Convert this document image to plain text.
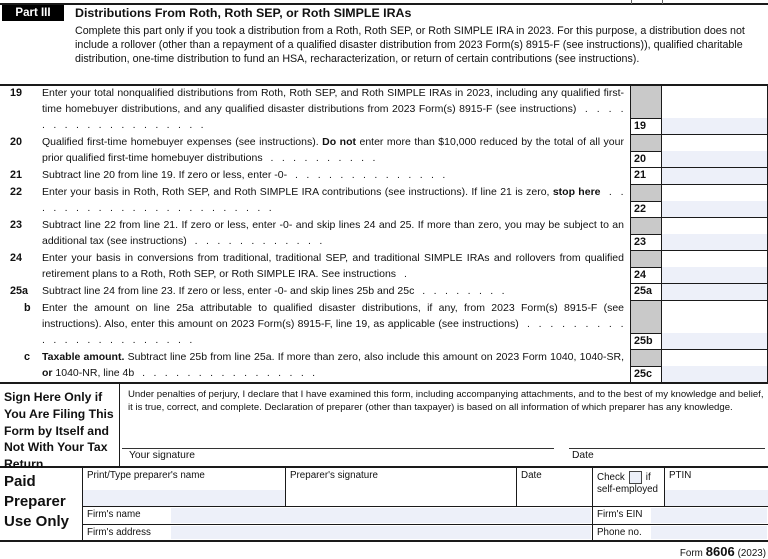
Part III	Distributions From Roth, Roth SEP, or Roth SIMPLE IRAs
Complete this part only if you took a distribution from a Roth, Roth SEP, or Roth SIMPLE IRA in 2023. For this purpose, a distribution does not include a rollover (other than a repayment of a qualified disaster distribution from 2023 Form(s) 8915-F (see instructions)), qualified charitable distribution, one-time distribution to fund an HSA, recharacterization, or return of certain contributions (see instructions).
19	Enter your total nonqualified distributions from Roth, Roth SEP, and Roth SIMPLE IRAs in 2023, including any qualified first-time homebuyer distributions, and any qualified disaster distributions from 2023 Form(s) 8915-F (see instructions) . . . . . . . . . . . . . . . . . . .	19
20	Qualified first-time homebuyer expenses (see instructions). Do not enter more than $10,000 reduced by the total of all your prior qualified first-time homebuyer distributions . . . . . . . . . .	20
21	Subtract line 20 from line 19. If zero or less, enter -0- . . . . . . . . . . . . . .	21
22	Enter your basis in Roth, Roth SEP, and Roth SIMPLE IRA contributions (see instructions). If line 21 is zero, stop here . . . . . . . . . . . . . . . . . . . . . . .	22
23	Subtract line 22 from line 21. If zero or less, enter -0- and skip lines 24 and 25. If more than zero, you may be subject to an additional tax (see instructions) . . . . . . . . . . . .	23
24	Enter your basis in conversions from traditional, traditional SEP, and traditional SIMPLE IRAs and rollovers from qualified retirement plans to a Roth, Roth SEP, or Roth SIMPLE IRA. See instructions .	24
25a	Subtract line 24 from line 23. If zero or less, enter -0- and skip lines 25b and 25c . . . . . . . .	25a
b	Enter the amount on line 25a attributable to qualified disaster distributions, if any, from 2023 Form(s) 8915-F (see instructions). Also, enter this amount on 2023 Form(s) 8915-F, line 19, as applicable (see instructions) . . . . . . . . . . . . . . . . . . . . . . .	25b
c	Taxable amount. Subtract line 25b from line 25a. If more than zero, also include this amount on 2023 Form 1040, 1040-SR, or 1040-NR, line 4b . . . . . . . . . . . . . . . .	25c
Sign Here Only if You Are Filing This Form by Itself and Not With Your Tax Return
Under penalties of perjury, I declare that I have examined this form, including accompanying attachments, and to the best of my knowledge and belief, it is true, correct, and complete. Declaration of preparer (other than taxpayer) is based on all information of which preparer has any knowledge.
Your signature	Date
Paid Preparer Use Only
Print/Type preparer's name	Preparer's signature	Date	Check if
self-employed
PTIN
Firm's name	Firm's EIN
Firm's address	Phone no.
Form 8606 (2023)
